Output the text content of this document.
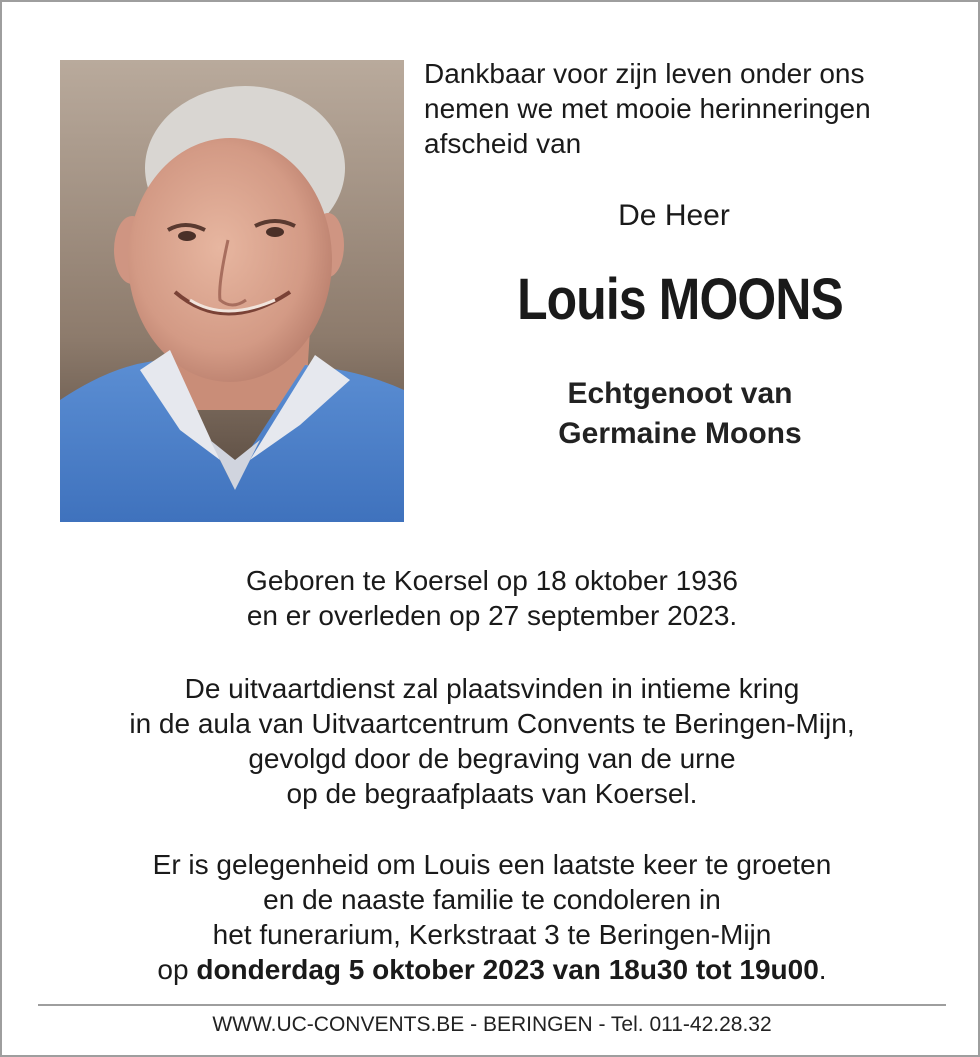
Dankbaar voor zijn leven onder ons
nemen we met mooie herinneringen
afscheid van
De Heer
Louis MOONS
Echtgenoot van
Germaine Moons
Geboren te Koersel op 18 oktober 1936
en er overleden op 27 september 2023.
De uitvaartdienst zal plaatsvinden in intieme kring
in de aula van Uitvaartcentrum Convents te Beringen-Mijn,
gevolgd door de begraving van de urne
op de begraafplaats van Koersel.
Er is gelegenheid om Louis een laatste keer te groeten
en de naaste familie te condoleren in
het funerarium, Kerkstraat 3 te Beringen-Mijn
op donderdag 5 oktober 2023 van 18u30 tot 19u00.
WWW.UC-CONVENTS.BE - BERINGEN - Tel. 011-42.28.32
